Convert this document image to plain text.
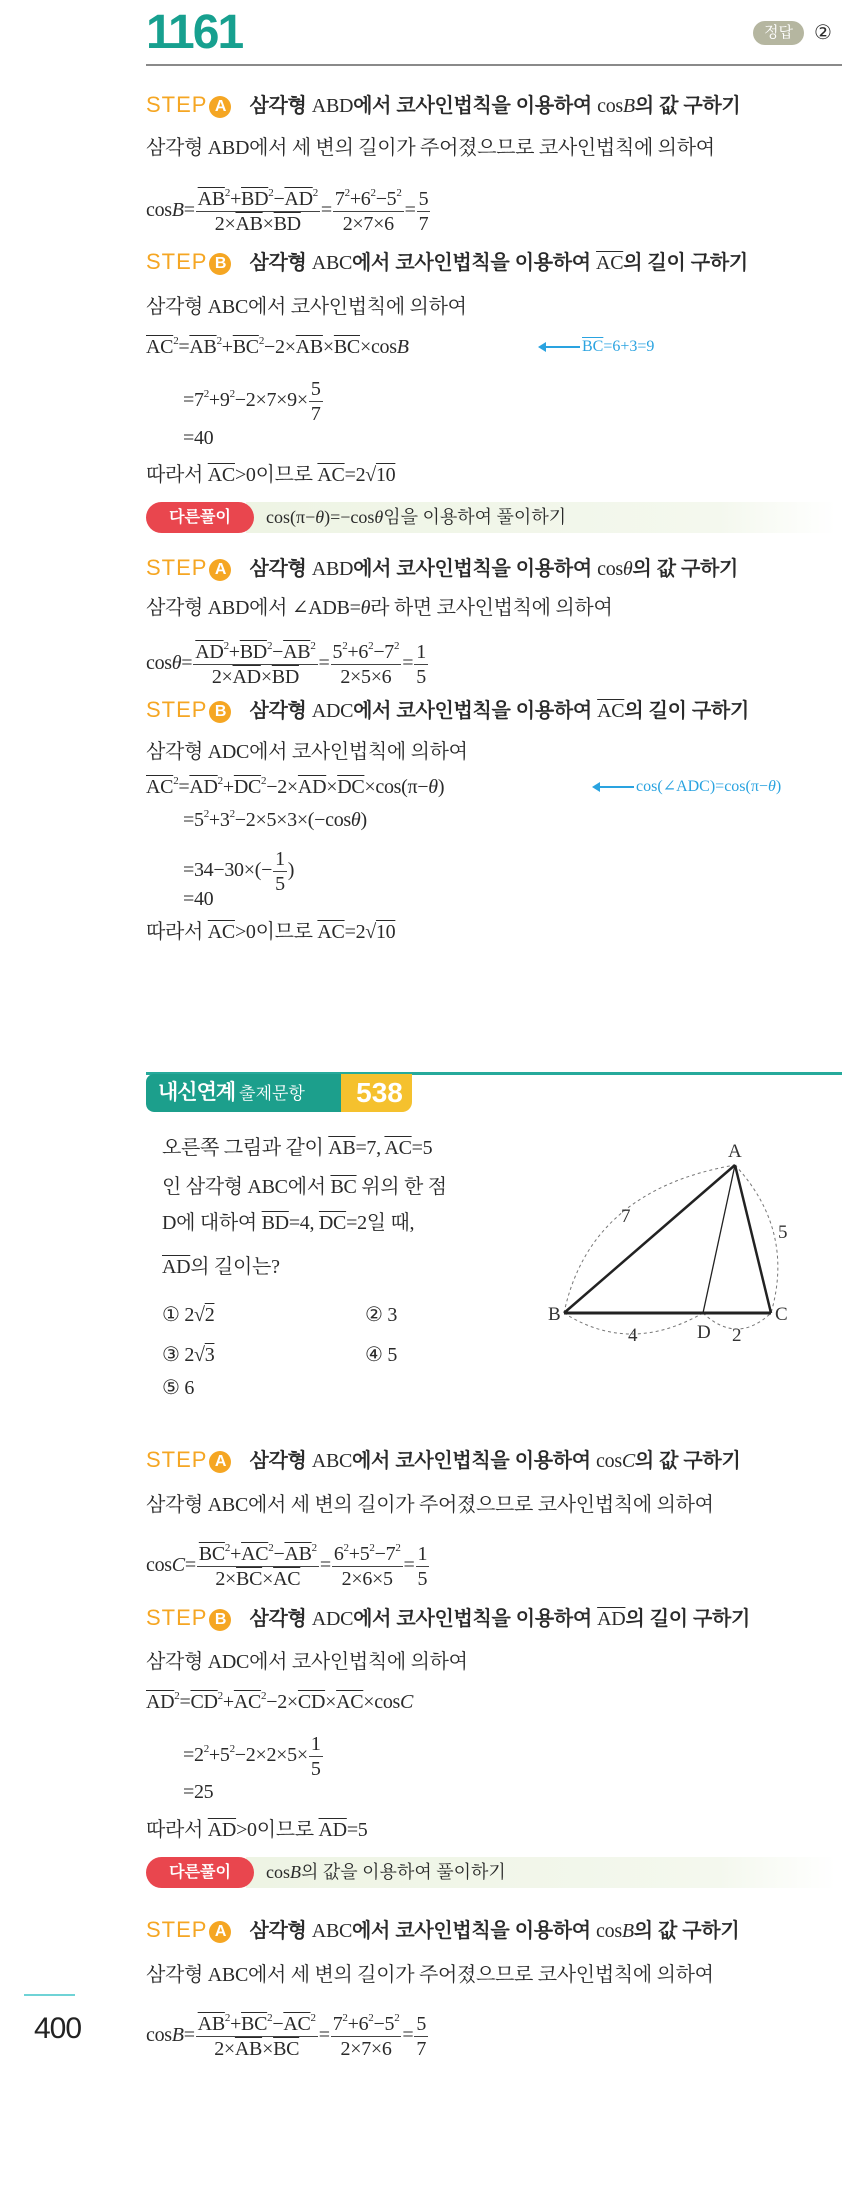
1161	정답	②
STEP A 삼각형 ABD에서 코사인법칙을 이용하여 cosB의 값 구하기
삼각형 ABD에서 세 변의 길이가 주어졌으므로 코사인법칙에 의하여
$\cos B= \frac{\overline{AB}^2+\overline{BD}^2-\overline{AD}^2}{2\times\overline{AB}\times\overline{BD}} = \frac{7^2+6^2-5^2}{2\times 7\times 6} = \frac{5}{7}$
STEP B 삼각형 ABC에서 코사인법칙을 이용하여 $\overline{AC}$의 길이 구하기
삼각형 ABC에서 코사인법칙에 의하여
$\overline{AC}^2=\overline{AB}^2+\overline{BC}^2-2\times\overline{AB}\times\overline{BC}\times\cos B$	$\overline{BC}=6+3=9$
$=7^2+9^2-2\times 7\times 9\times \frac{5}{7}$
=40
따라서 $\overline{AC}>0$이므로 $\overline{AC}=2√10$
다른풀이	cos(π−θ)=−cosθ임을 이용하여 풀이하기
STEP A 삼각형 ABD에서 코사인법칙을 이용하여 cosθ의 값 구하기
삼각형 ABD에서 ∠ADB=θ라 하면 코사인법칙에 의하여
$\cos\theta= \frac{\overline{AD}^2+\overline{BD}^2-\overline{AB}^2}{2\times\overline{AD}\times\overline{BD}} = \frac{5^2+6^2-7^2}{2\times 5\times 6} = \frac{1}{5}$
STEP B 삼각형 ADC에서 코사인법칙을 이용하여 $\overline{AC}$의 길이 구하기
삼각형 ADC에서 코사인법칙에 의하여
$\overline{AC}^2=\overline{AD}^2+\overline{DC}^2-2\times\overline{AD}\times\overline{DC}\times\cos(\pi-\theta)$	cos(∠ADC)=cos(π−θ)
$=5^2+3^2-2\times 5\times 3\times(-\cos\theta)$
$=34-30\times(- \frac{1}{5}$ )
=40
따라서 $\overline{AC}>0$이므로 $\overline{AC}=2√10$
내신연계 출제문항	538
오른쪽 그림과 같이 $\overline{AB}=7$, $\overline{AC}=5$
인 삼각형 ABC에서 $\overline{BC}$ 위의 한 점
D에 대하여 $\overline{BD}=4$, $\overline{DC}=2$일 때,
$\overline{AD}$의 길이는?
① 2√2	② 3
③ 2√3	④ 5
⑤ 6
A
B	C
D
7
5
4	2
STEP A 삼각형 ABC에서 코사인법칙을 이용하여 cosC의 값 구하기
삼각형 ABC에서 세 변의 길이가 주어졌으므로 코사인법칙에 의하여
$\cos C= \frac{\overline{BC}^2+\overline{AC}^2-\overline{AB}^2}{2\times\overline{BC}\times\overline{AC}} = \frac{6^2+5^2-7^2}{2\times 6\times 5} = \frac{1}{5}$
STEP B 삼각형 ADC에서 코사인법칙을 이용하여 $\overline{AD}$의 길이 구하기
삼각형 ADC에서 코사인법칙에 의하여
$\overline{AD}^2=\overline{CD}^2+\overline{AC}^2-2\times\overline{CD}\times\overline{AC}\times\cos C$
$=2^2+5^2-2\times 2\times 5\times \frac{1}{5}$
=25
따라서 $\overline{AD}>0$이므로 $\overline{AD}=5$
다른풀이	cosB의 값을 이용하여 풀이하기
STEP A 삼각형 ABC에서 코사인법칙을 이용하여 cosB의 값 구하기
삼각형 ABC에서 세 변의 길이가 주어졌으므로 코사인법칙에 의하여
$\cos B= \frac{\overline{AB}^2+\overline{BC}^2-\overline{AC}^2}{2\times\overline{AB}\times\overline{BC}} = \frac{7^2+6^2-5^2}{2\times 7\times 6} = \frac{5}{7}$
400
